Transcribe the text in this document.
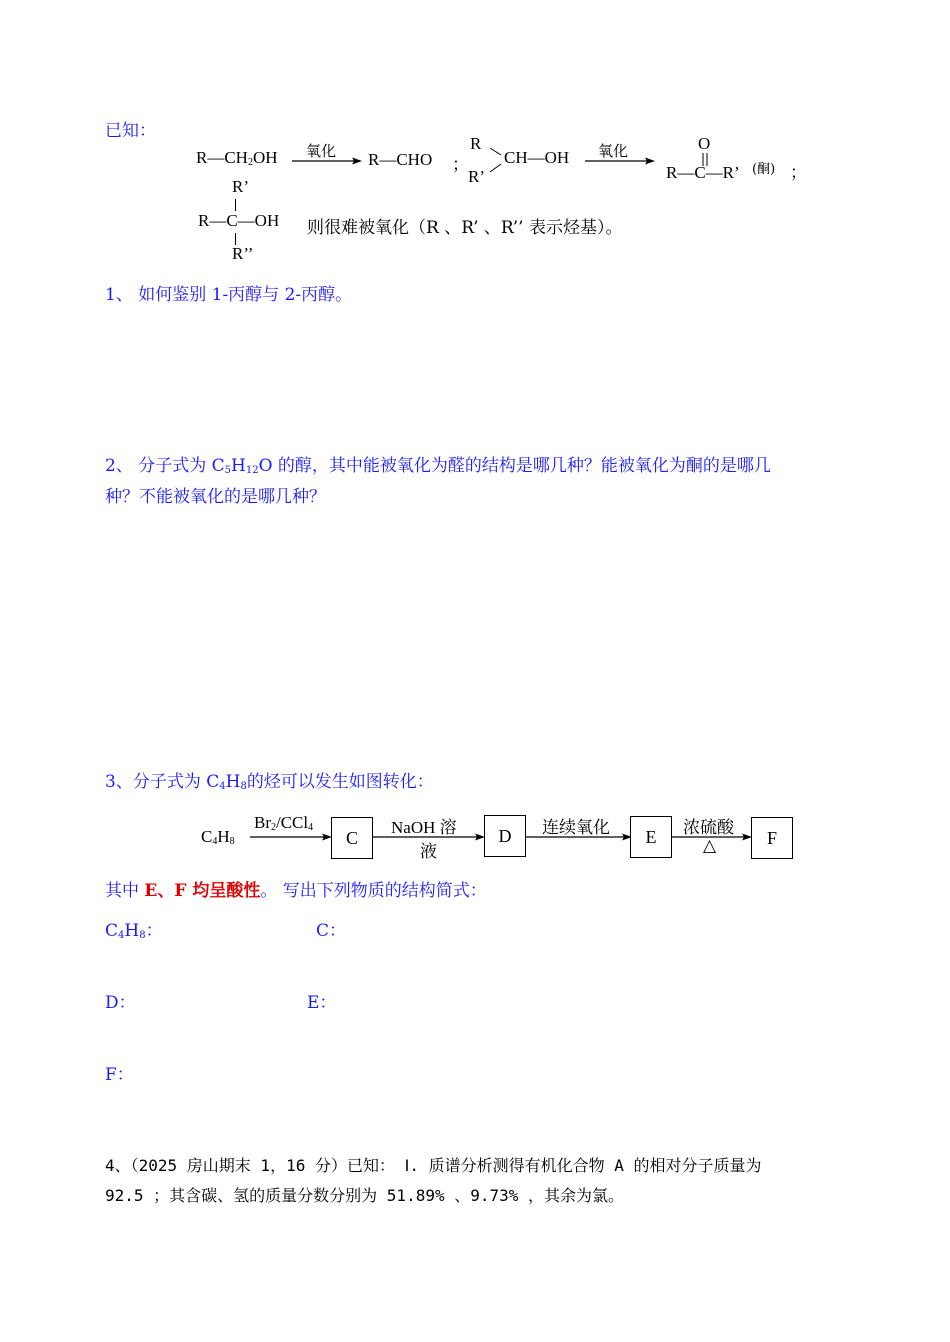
已知：
$R—CH_2OH$ 氧化 R—CHO ；
R
R’
CH—OH 氧化	O
R—C—R’ (酮) ；
R’
R—C—OH
R’’
则很难被氧化（R 、R’ 、R’’ 表示烃基）。
1、 如何鉴别 1-丙醇与 2-丙醇。
2、 分子式为 $C_5H_{12}O$ 的醇，其中能被氧化为醛的结构是哪几种？能被氧化为酮的是哪几
种？不能被氧化的是哪几种？
3、分子式为 $C_4H_8$的烃可以发生如图转化：
$C_4H_8$
$Br_2/CCl_4$	C	NaOH 溶
液
D	连续氧化	E	浓硫酸
△	F
其中 E、F 均呈酸性。 写出下列物质的结构简式：
$C_4H_8$：	C：
D：	E：
F：
4、（2025 房山期末 1，16 分）已知： Ⅰ. 质谱分析测得有机化合物 A 的相对分子质量为
92.5 ；其含碳、氢的质量分数分别为 51.89% 、9.73% ，其余为氯。
